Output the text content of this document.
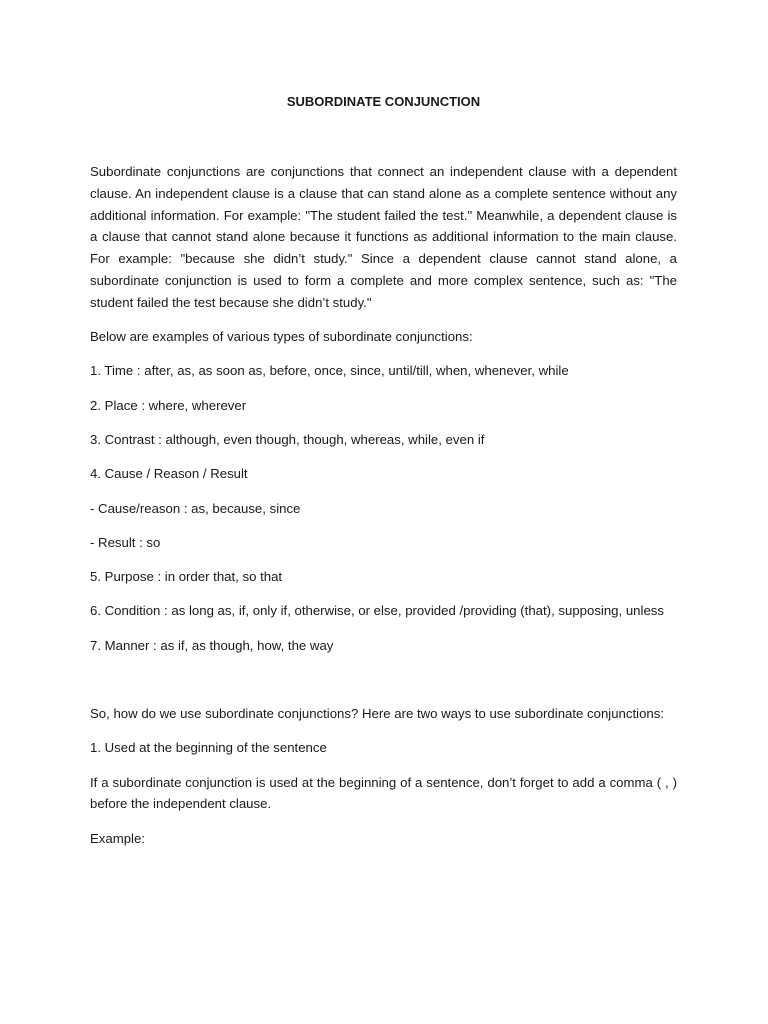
SUBORDINATE CONJUNCTION

Subordinate conjunctions are conjunctions that connect an independent clause with a dependent clause. An independent clause is a clause that can stand alone as a complete sentence without any additional information. For example: "The student failed the test." Meanwhile, a dependent clause is a clause that cannot stand alone because it functions as additional information to the main clause. For example: "because she didn’t study." Since a dependent clause cannot stand alone, a subordinate conjunction is used to form a complete and more complex sentence, such as: "The student failed the test because she didn’t study."

Below are examples of various types of subordinate conjunctions:

1. Time : after, as, as soon as, before, once, since, until/till, when, whenever, while

2. Place : where, wherever

3. Contrast : although, even though, though, whereas, while, even if

4. Cause / Reason / Result

- Cause/reason : as, because, since

- Result : so

5. Purpose : in order that, so that

6. Condition : as long as, if, only if, otherwise, or else, provided /providing (that), supposing, unless

7. Manner : as if, as though, how, the way

So, how do we use subordinate conjunctions? Here are two ways to use subordinate conjunctions:

1. Used at the beginning of the sentence

If a subordinate conjunction is used at the beginning of a sentence, don’t forget to add a comma ( , ) before the independent clause.

Example:
